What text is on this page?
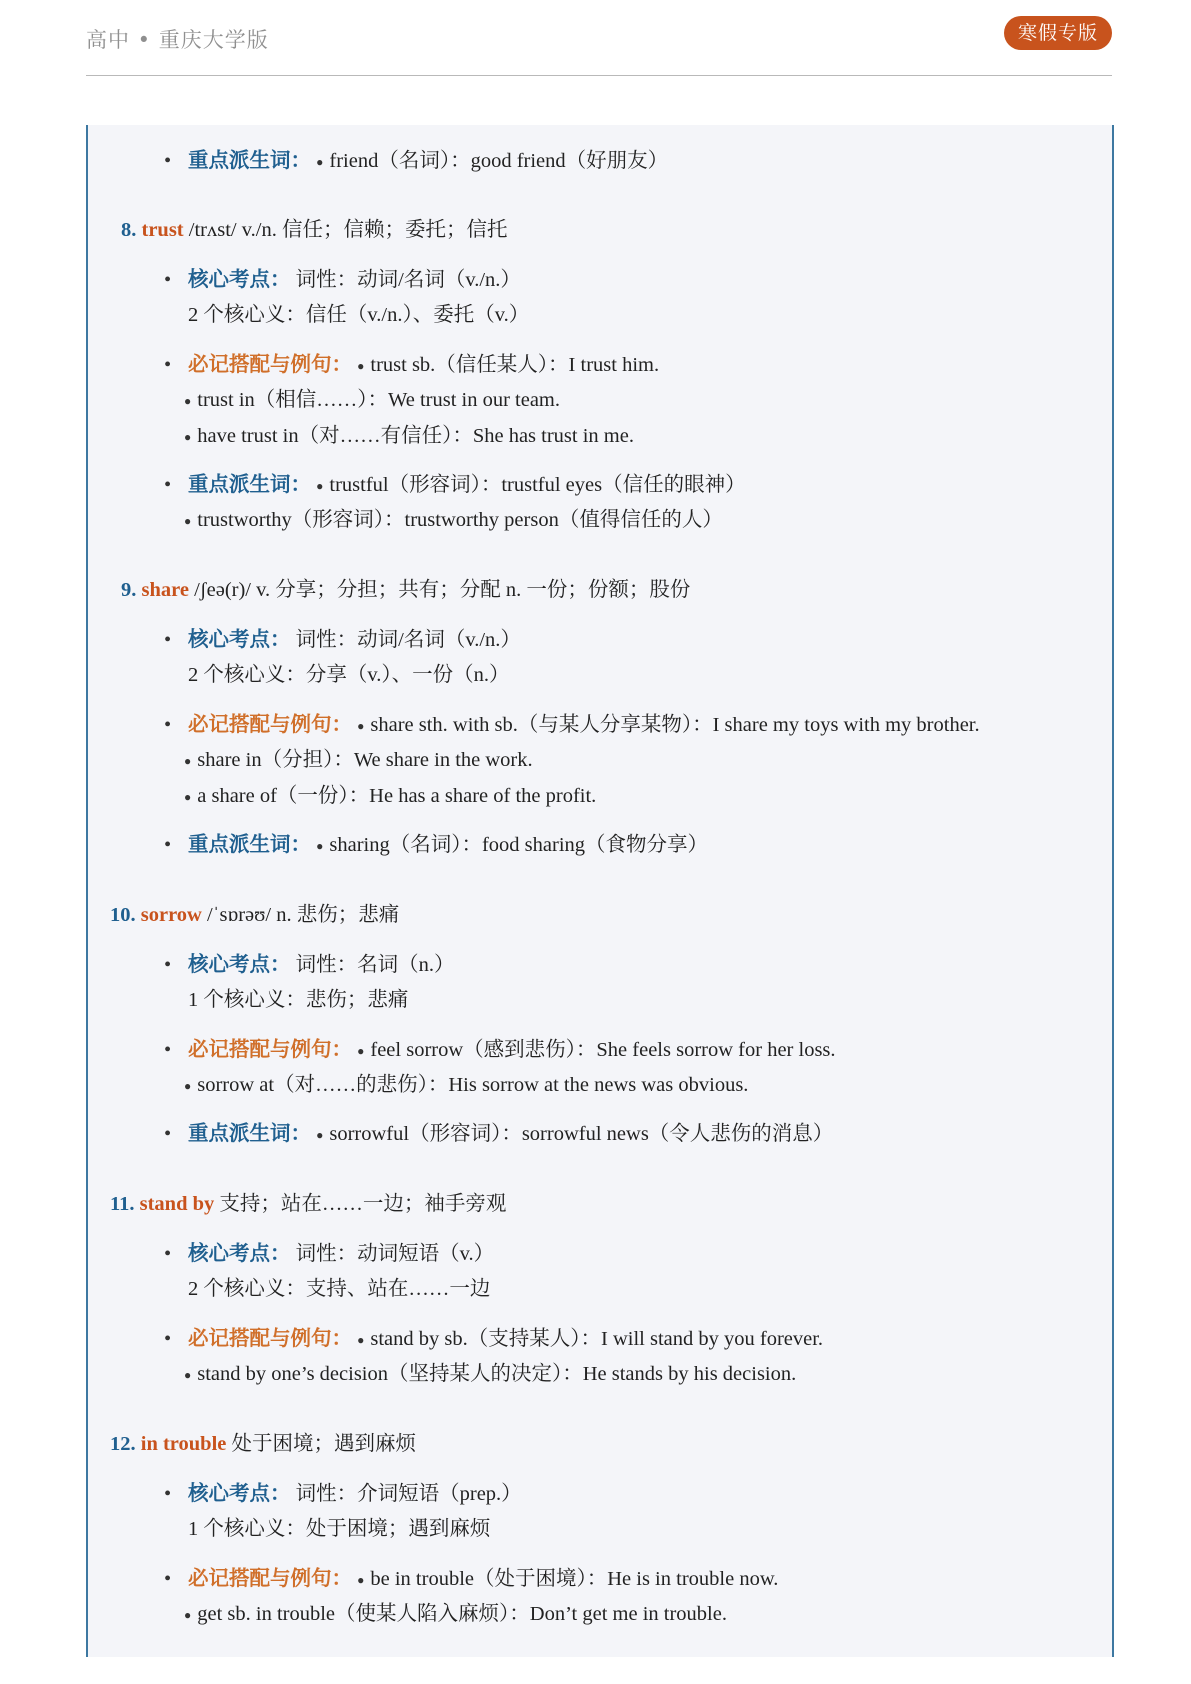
高中 • 重庆大学版	寒假专版
• 重点派生词： ● friend（名词）：good friend（好朋友）
8. trust /trʌst/ v./n. 信任；信赖；委托；信托
• 核心考点： 词性：动词/名词（v./n.）
2 个核心义：信任（v./n.）、委托（v.）
• 必记搭配与例句： ● trust sb.（信任某人）：I trust him.
● trust in（相信……）：We trust in our team.
● have trust in（对……有信任）：She has trust in me.
• 重点派生词： ● trustful（形容词）：trustful eyes（信任的眼神）
● trustworthy（形容词）：trustworthy person（值得信任的人）
9. share /ʃeə(r)/ v. 分享；分担；共有；分配 n. 一份；份额；股份
• 核心考点： 词性：动词/名词（v./n.）
2 个核心义：分享（v.）、一份（n.）
• 必记搭配与例句： ● share sth. with sb.（与某人分享某物）：I share my toys with my brother.
● share in（分担）：We share in the work.
● a share of（一份）：He has a share of the profit.
• 重点派生词： ● sharing（名词）：food sharing（食物分享）
10. sorrow /ˈsɒrəʊ/ n. 悲伤；悲痛
• 核心考点： 词性：名词（n.）
1 个核心义：悲伤；悲痛
• 必记搭配与例句： ● feel sorrow（感到悲伤）：She feels sorrow for her loss.
● sorrow at（对……的悲伤）：His sorrow at the news was obvious.
• 重点派生词： ● sorrowful（形容词）：sorrowful news（令人悲伤的消息）
11. stand by 支持；站在……一边；袖手旁观
• 核心考点： 词性：动词短语（v.）
2 个核心义：支持、站在……一边
• 必记搭配与例句： ● stand by sb.（支持某人）：I will stand by you forever.
● stand by one’s decision（坚持某人的决定）：He stands by his decision.
12. in trouble 处于困境；遇到麻烦
• 核心考点： 词性：介词短语（prep.）
1 个核心义：处于困境；遇到麻烦
• 必记搭配与例句： ● be in trouble（处于困境）：He is in trouble now.
● get sb. in trouble（使某人陷入麻烦）：Don’t get me in trouble.
